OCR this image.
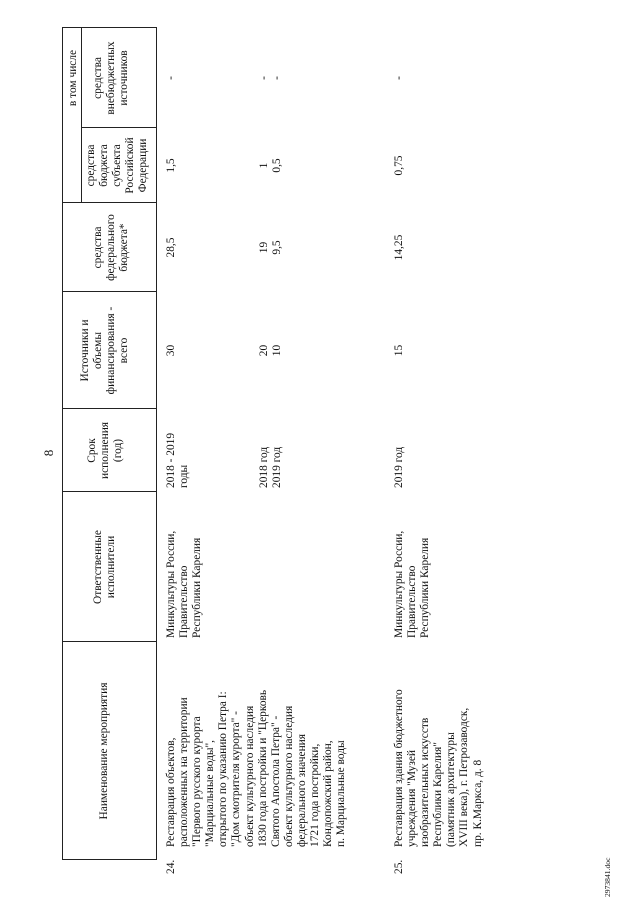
8
Наименование мероприятия
Ответственные
исполнители
Срок
исполнения
(год)
Источники и
объемы
финансирования -
всего
в том числе
средства
федерального
бюджета*
средства
бюджета
субъекта
Российской
Федерации
средства
внебюджетных
источников
24.
Реставрация объектов,
расположенных на территории
"Первого русского курорта
"Марциальные воды",
открытого по указанию Петра I:
"Дом смотрителя курорта" -
объект культурного наследия
1830 года постройки и "Церковь
Святого Апостола Петра" -
объект культурного наследия
федерального значения
1721 года постройки,
Кондопожский район,
п. Марциальные воды
Минкультуры России,
Правительство
Республики Карелия
2018 - 2019
годы
30
28,5
1,5
-
2018 год
2019 год
20
10
19
9,5
1
0,5
-
-
25.
Реставрация здания бюджетного
учреждения "Музей
изобразительных искусств
Республики Карелия"
(памятник архитектуры
XVIII века), г. Петрозаводск,
пр. К.Маркса, д. 8
Минкультуры России,
Правительство
Республики Карелия
2019 год
15
14,25
0,75
-
2973841.doc
